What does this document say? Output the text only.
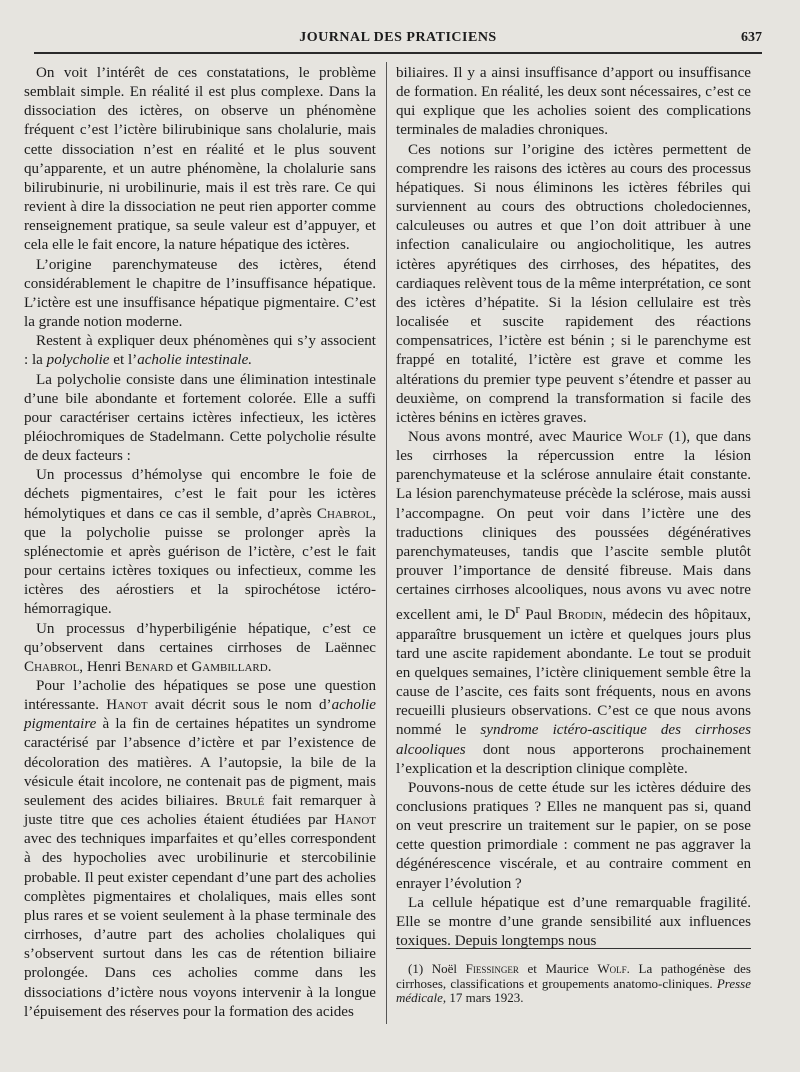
JOURNAL DES PRATICIENS	637

On voit l’intérêt de ces constatations, le problème semblait simple. En réalité il est plus complexe. Dans la dissociation des ictères, on observe un phénomène fréquent c’est l’ictère bilirubinique sans cholalurie, mais cette dissociation n’est en réalité et le plus souvent qu’apparente, et un autre phénomène, la cholalurie sans bilirubinurie, ni urobilinurie, mais il est très rare. Ce qui revient à dire la dissociation ne peut rien apporter comme renseignement pratique, sa seule valeur est d’appuyer, et cela elle le fait encore, la nature hépatique des ictères.

L’origine parenchymateuse des ictères, étend considérablement le chapitre de l’insuffisance hépatique. L’ictère est une insuffisance hépatique pigmentaire. C’est la grande notion moderne.

Restent à expliquer deux phénomènes qui s’y associent : la polycholie et l’acholie intestinale.

La polycholie consiste dans une élimination intestinale d’une bile abondante et fortement colorée. Elle a suffi pour caractériser certains ictères infectieux, les ictères pléiochromiques de Stadelmann. Cette polycholie résulte de deux facteurs :

Un processus d’hémolyse qui encombre le foie de déchets pigmentaires, c’est le fait pour les ictères hémolytiques et dans ce cas il semble, d’après Chabrol, que la polycholie puisse se prolonger après la splénectomie et après guérison de l’ictère, c’est le fait pour certains ictères toxiques ou infectieux, comme les ictères des aérostiers et la spirochétose ictéro-hémorragique.

Un processus d’hyperbiligénie hépatique, c’est ce qu’observent dans certaines cirrhoses de Laënnec Chabrol, Henri Benard et Gambillard.

Pour l’acholie des hépatiques se pose une question intéressante. Hanot avait décrit sous le nom d’acholie pigmentaire à la fin de certaines hépatites un syndrome caractérisé par l’absence d’ictère et par l’existence de décoloration des matières. A l’autopsie, la bile de la vésicule était incolore, ne contenait pas de pigment, mais seulement des acides biliaires. Brulé fait remarquer à juste titre que ces acholies étaient étudiées par Hanot avec des techniques imparfaites et qu’elles correspondent à des hypocholies avec urobilinurie et stercobilinie probable. Il peut exister cependant d’une part des acholies complètes pigmentaires et cholaliques, mais elles sont plus rares et se voient seulement à la phase terminale des cirrhoses, d’autre part des acholies cholaliques qui s’observent surtout dans les cas de rétention biliaire prolongée. Dans ces acholies comme dans les dissociations d’ictère nous voyons intervenir à la longue l’épuisement des réserves pour la formation des acides

biliaires. Il y a ainsi insuffisance d’apport ou insuffisance de formation. En réalité, les deux sont nécessaires, c’est ce qui explique que les acholies soient des complications terminales de maladies chroniques.

Ces notions sur l’origine des ictères permettent de comprendre les raisons des ictères au cours des processus hépatiques. Si nous éliminons les ictères fébriles qui surviennent au cours des obtructions choledociennes, calculeuses ou autres et que l’on doit attribuer à une infection canaliculaire ou angiocholitique, les autres ictères apyrétiques des cirrhoses, des hépatites, des cardiaques relèvent tous de la même interprétation, ce sont des ictères d’hépatite. Si la lésion cellulaire est très localisée et suscite rapidement des réactions compensatrices, l’ictère est bénin ; si le parenchyme est frappé en totalité, l’ictère est grave et comme les altérations du premier type peuvent s’étendre et passer au deuxième, on comprend la transformation si facile des ictères bénins en ictères graves.

Nous avons montré, avec Maurice Wolf (1), que dans les cirrhoses la répercussion entre la lésion parenchymateuse et la sclérose annulaire était constante. La lésion parenchymateuse précède la sclérose, mais aussi l’accompagne. On peut voir dans l’ictère une des traductions cliniques des poussées dégénératives parenchymateuses, tandis que l’ascite semble plutôt prouver l’importance de densité fibreuse. Mais dans certaines cirrhoses alcooliques, nous avons vu avec notre excellent ami, le $D^r$ Paul Brodin, médecin des hôpitaux, apparaître brusquement un ictère et quelques jours plus tard une ascite rapidement abondante. Le tout se produit en quelques semaines, l’ictère cliniquement semble être la cause de l’ascite, ces faits sont fréquents, nous en avons recueilli plusieurs observations. C’est ce que nous avons nommé le syndrome ictéro-ascitique des cirrhoses alcooliques dont nous apporterons prochainement l’explication et la description clinique complète.

Pouvons-nous de cette étude sur les ictères déduire des conclusions pratiques ? Elles ne manquent pas si, quand on veut prescrire un traitement sur le papier, on se pose cette question primordiale : comment ne pas aggraver la dégénérescence viscérale, et au contraire comment en enrayer l’évolution ?

La cellule hépatique est d’une remarquable fragilité. Elle se montre d’une grande sensibilité aux influences toxiques. Depuis longtemps nous

(1) Noël Fiessinger et Maurice Wolf. La pathogénèse des cirrhoses, classifications et groupements anatomo-cliniques. Presse médicale, 17 mars 1923.
